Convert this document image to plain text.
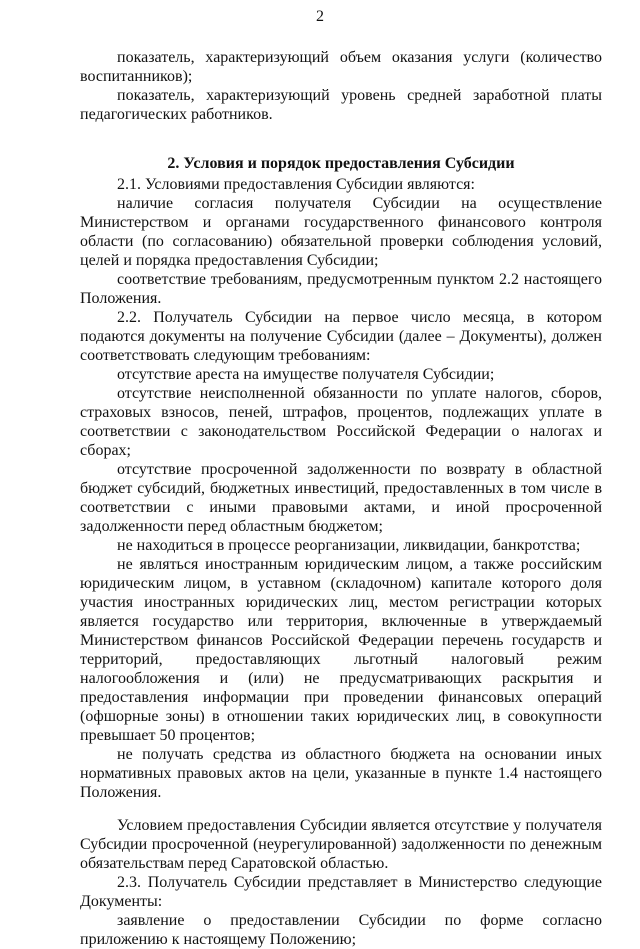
2

показатель, характеризующий объем оказания услуги (количество воспитанников);

показатель, характеризующий уровень средней заработной платы педагогических работников.

2. Условия и порядок предоставления Субсидии

2.1. Условиями предоставления Субсидии являются:

наличие согласия получателя Субсидии на осуществление Министерством и органами государственного финансового контроля области (по согласованию) обязательной проверки соблюдения условий, целей и порядка предоставления Субсидии;

соответствие требованиям, предусмотренным пунктом 2.2 настоящего Положения.

2.2. Получатель Субсидии на первое число месяца, в котором подаются документы на получение Субсидии (далее – Документы), должен соответствовать следующим требованиям:

отсутствие ареста на имуществе получателя Субсидии;

отсутствие неисполненной обязанности по уплате налогов, сборов, страховых взносов, пеней, штрафов, процентов, подлежащих уплате в соответствии с законодательством Российской Федерации о налогах и сборах;

отсутствие просроченной задолженности по возврату в областной бюджет субсидий, бюджетных инвестиций, предоставленных в том числе в соответствии с иными правовыми актами, и иной просроченной задолженности перед областным бюджетом;

не находиться в процессе реорганизации, ликвидации, банкротства;

не являться иностранным юридическим лицом, а также российским юридическим лицом, в уставном (складочном) капитале которого доля участия иностранных юридических лиц, местом регистрации которых является государство или территория, включенные в утверждаемый Министерством финансов Российской Федерации перечень государств и территорий, предоставляющих льготный налоговый режим налогообложения и (или) не предусматривающих раскрытия и предоставления информации при проведении финансовых операций (офшорные зоны) в отношении таких юридических лиц, в совокупности превышает 50 процентов;

не получать средства из областного бюджета на основании иных нормативных правовых актов на цели, указанные в пункте 1.4 настоящего Положения.

Условием предоставления Субсидии является отсутствие у получателя Субсидии просроченной (неурегулированной) задолженности по денежным обязательствам перед Саратовской областью.

2.3. Получатель Субсидии представляет в Министерство следующие Документы:

заявление о предоставлении Субсидии по форме согласно приложению к настоящему Положению;
